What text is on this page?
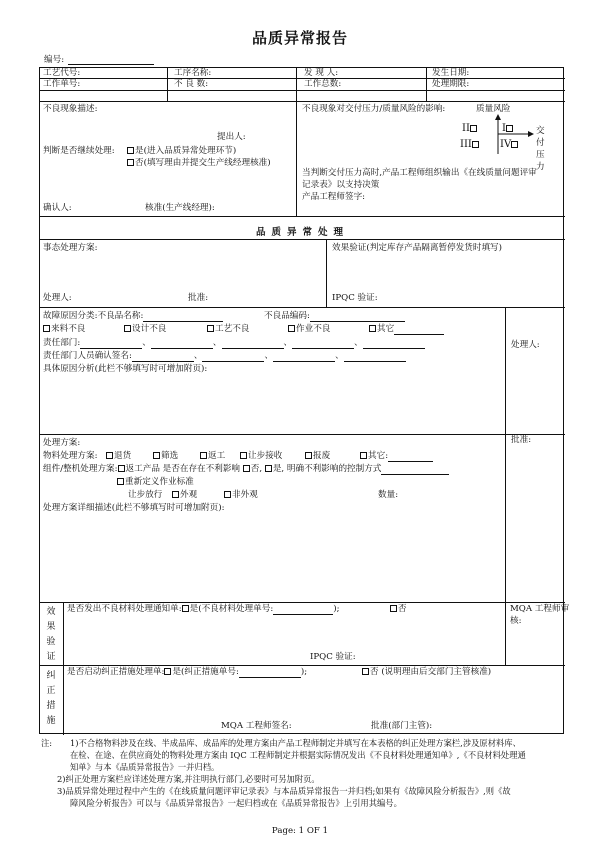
品质异常报告
编号:
工艺代号:	工序名称:	发 现 人:	发生日期:
工作单号:	不 良 数:	工作总数:	处理期限:
不良现象描述:
提出人:
判断是否继续处理:	是(进入品质异常处理环节)
否(填写理由并提交生产线经理核准)
确认人:	核准(生产线经理):
不良现象对交付压力/质量风险的影响:	质量风险
II	I
III	IV
交付压力
当判断交付压力高时,产品工程师组织输出《在线质量问题评审
记录表》以支持决策
产品工程师签字:
品质异常处理
事态处理方案:	效果验证(判定库存产品隔离暂停发货时填写)
处理人:	批准:	IPQC 验证:
故障原因分类:不良品名称:	不良品编码:
来料不良	设计不良	工艺不良	作业不良	其它
责任部门:	、	、	、	、
责任部门人员确认签名:	、	、	、
具体原因分析(此栏不够填写时可增加附页):
处理人:
处理方案:
物料处理方案:	退货	筛选	返工	让步接收	报废	其它:
组件/整机处理方案: 返工产品 是否在存在不利影响 否, 是, 明确不利影响的控制方式
重新定义作业标准
让步放行	外观	非外观	数量:
处理方案详细描述(此栏不够填写时可增加附页):
批准:
效
果
验
证
是否发出不良材料处理通知单: 是(不良材料处理单号:	);	否	MQA 工程师审
核:
IPQC 验证:
纠
正
措
施
是否启动纠正措施处理单: 是(纠正措施单号:	);	否 (说明理由后交部门主管核准)
MQA 工程师签名:	批准(部门主管):
注: 1)不合格物料涉及在线、半成品库、成品库的处理方案由产品工程师制定并填写在本表格的纠正处理方案栏,涉及原材料库、
在检、在途、在供应商处的物料处理方案由 IQC 工程师制定并根据实际情况发出《不良材料处理通知单》,《不良材料处理通
知单》与本《品质异常报告》一并归档。
2)纠正处理方案栏应详述处理方案,并注明执行部门,必要时可另加附页。
3)品质异常处理过程中产生的《在线质量问题评审记录表》与本品质异常报告一并归档;如果有《故障风险分析报告》,则《故
障风险分析报告》可以与《品质异常报告》一起归档或在《品质异常报告》上引用其编号。
Page: 1 OF 1
